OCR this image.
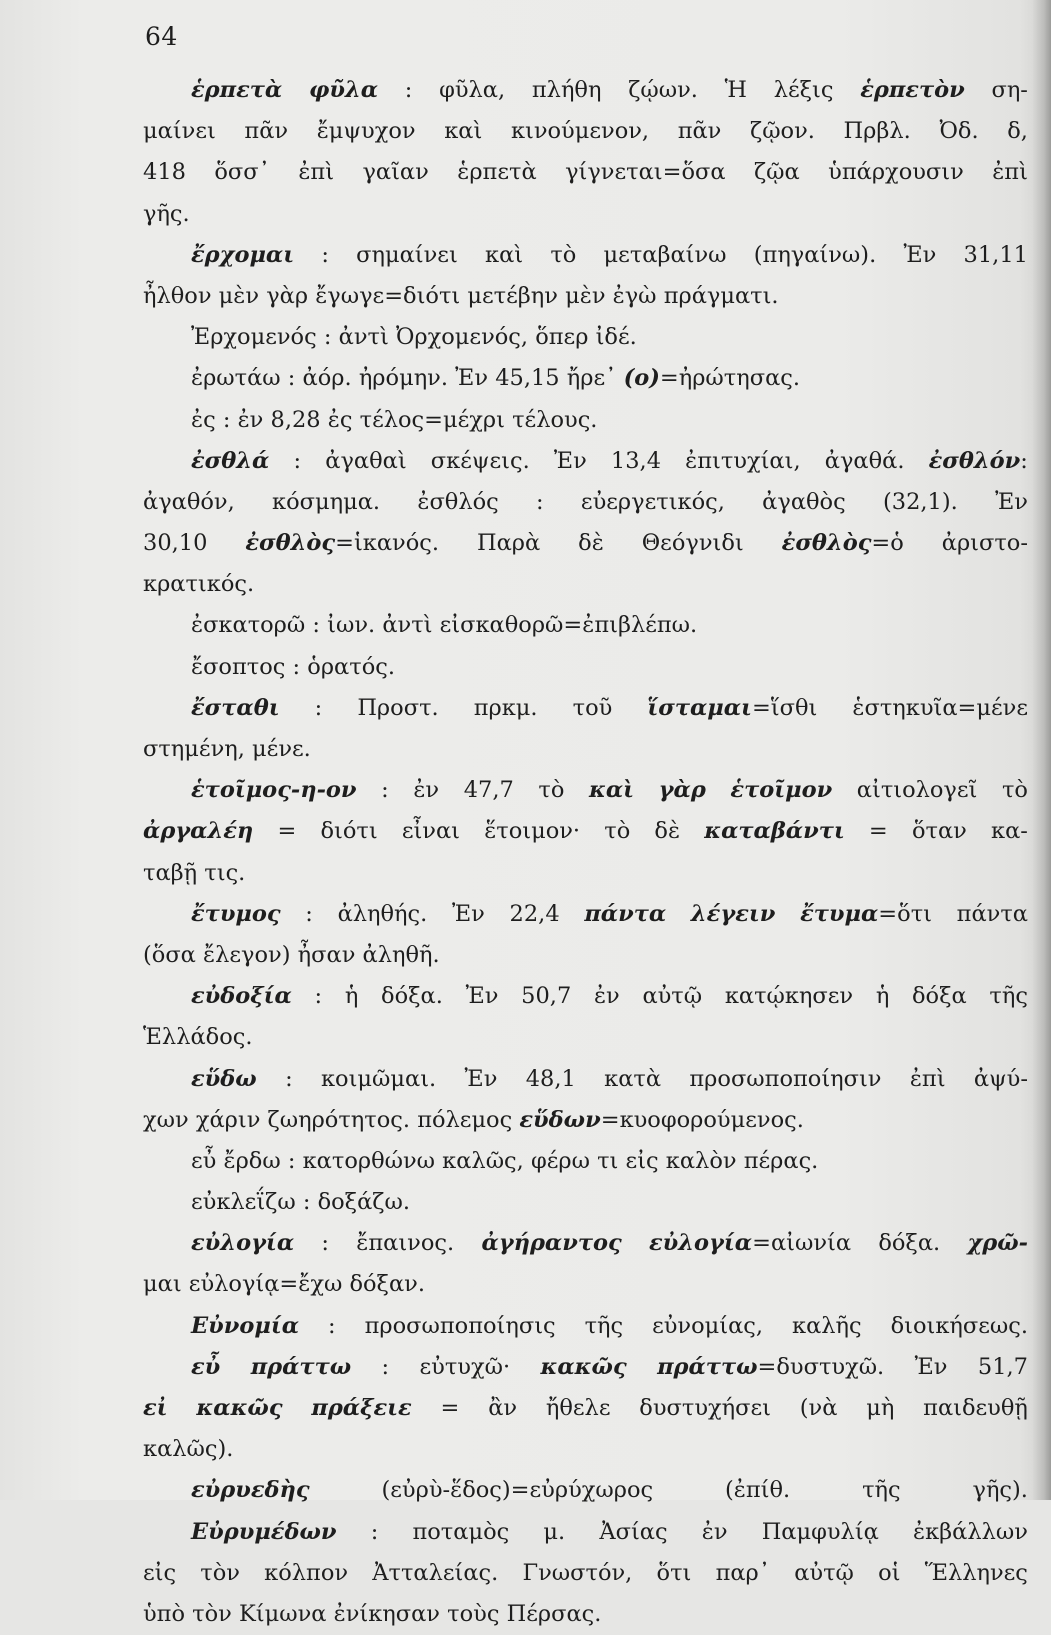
64
ἑρπετὰ φῦλα : φῦλα, πλήθη ζῴων. Ἡ λέξις ἑρπετὸν ση-
μαίνει πᾶν ἔμψυχον καὶ κινούμενον, πᾶν ζῷον. Πρβλ. Ὀδ. δ,
418 ὅσσ᾽ ἐπὶ γαῖαν ἑρπετὰ γίγνεται=ὅσα ζῷα ὑπάρχουσιν ἐπὶ
γῆς.
ἔρχομαι : σημαίνει καὶ τὸ μεταβαίνω (πηγαίνω). Ἐν 31,11
ἦλθον
μὲν
γὰρ
ἔγωγε=διότι
μετέβην
μὲν
ἐγὼ
πράγματι.
Ἐρχομενός
:
ἀντὶ
Ὀρχομενός,
ὅπερ
ἰδέ.
ἐρωτάω
:
ἀόρ.
ἠρόμην.
Ἐν
45,15
ἤρε᾽
(ο)=ἠρώτησας.
ἐς
:
ἐν
8,28
ἐς
τέλος=μέχρι
τέλους.
ἐσθλά : ἀγαθαὶ σκέψεις. Ἐν 13,4 ἐπιτυχίαι, ἀγαθά. ἐσθλόν:
ἀγαθόν, κόσμημα. ἐσθλός : εὐεργετικός, ἀγαθὸς (32,1). Ἐν
30,10 ἐσθλὸς=ἱκανός. Παρὰ δὲ Θεόγνιδι ἐσθλὸς=ὁ ἀριστο-
κρατικός.
ἐσκατορῶ
:
ἰων.
ἀντὶ
εἰσκαθορῶ=ἐπιβλέπω.
ἔσοπτος
:
ὁρατός.
ἔσταθι : Προστ. πρκμ. τοῦ ἵσταμαι=ἵσθι ἑστηκυῖα=μένε
στημένη,
μένε.
ἑτοῖμος-η-ον : ἐν 47,7 τὸ καὶ γὰρ ἑτοῖμον αἰτιολογεῖ τὸ
ἀργαλέη = διότι εἶναι ἕτοιμον· τὸ δὲ καταβάντι = ὅταν κα-
ταβῇ
τις.
ἔτυμος : ἀληθής. Ἐν 22,4 πάντα λέγειν ἔτυμα=ὅτι πάντα
(ὅσα
ἔλεγον)
ἦσαν
ἀληθῆ.
εὐδοξία : ἡ δόξα. Ἐν 50,7 ἐν αὐτῷ κατῴκησεν ἡ δόξα τῆς
Ἑλλάδος.
εὕδω : κοιμῶμαι. Ἐν 48,1 κατὰ προσωποποίησιν ἐπὶ ἀψύ-
χων
χάριν
ζωηρότητος.
πόλεμος
εὕδων=κυοφορούμενος.
εὖ
ἔρδω
:
κατορθώνω
καλῶς,
φέρω
τι
εἰς
καλὸν
πέρας.
εὐκλεΐζω
:
δοξάζω.
εὐλογία : ἔπαινος. ἀγήραντος εὐλογία=αἰωνία δόξα. χρῶ-
μαι
εὐλογίᾳ=ἔχω
δόξαν.
Εὐνομία : προσωποποίησις τῆς εὐνομίας, καλῆς διοικήσεως.
εὖ πράττω : εὐτυχῶ· κακῶς πράττω=δυστυχῶ. Ἐν 51,7
εἰ κακῶς πράξειε = ἂν ἤθελε δυστυχήσει (νὰ μὴ παιδευθῇ
καλῶς).
εὐρυεδὴς	(εὐρὺ-ἕδος)=εὐρύχωρος	(ἐπίθ.	τῆς	γῆς).
Εὐρυμέδων : ποταμὸς μ. Ἀσίας ἐν Παμφυλίᾳ ἐκβάλλων
εἰς τὸν κόλπον Ἀτταλείας. Γνωστόν, ὅτι παρ᾽ αὐτῷ οἱ Ἕλληνες
ὑπὸ
τὸν
Κίμωνα
ἐνίκησαν
τοὺς
Πέρσας.
